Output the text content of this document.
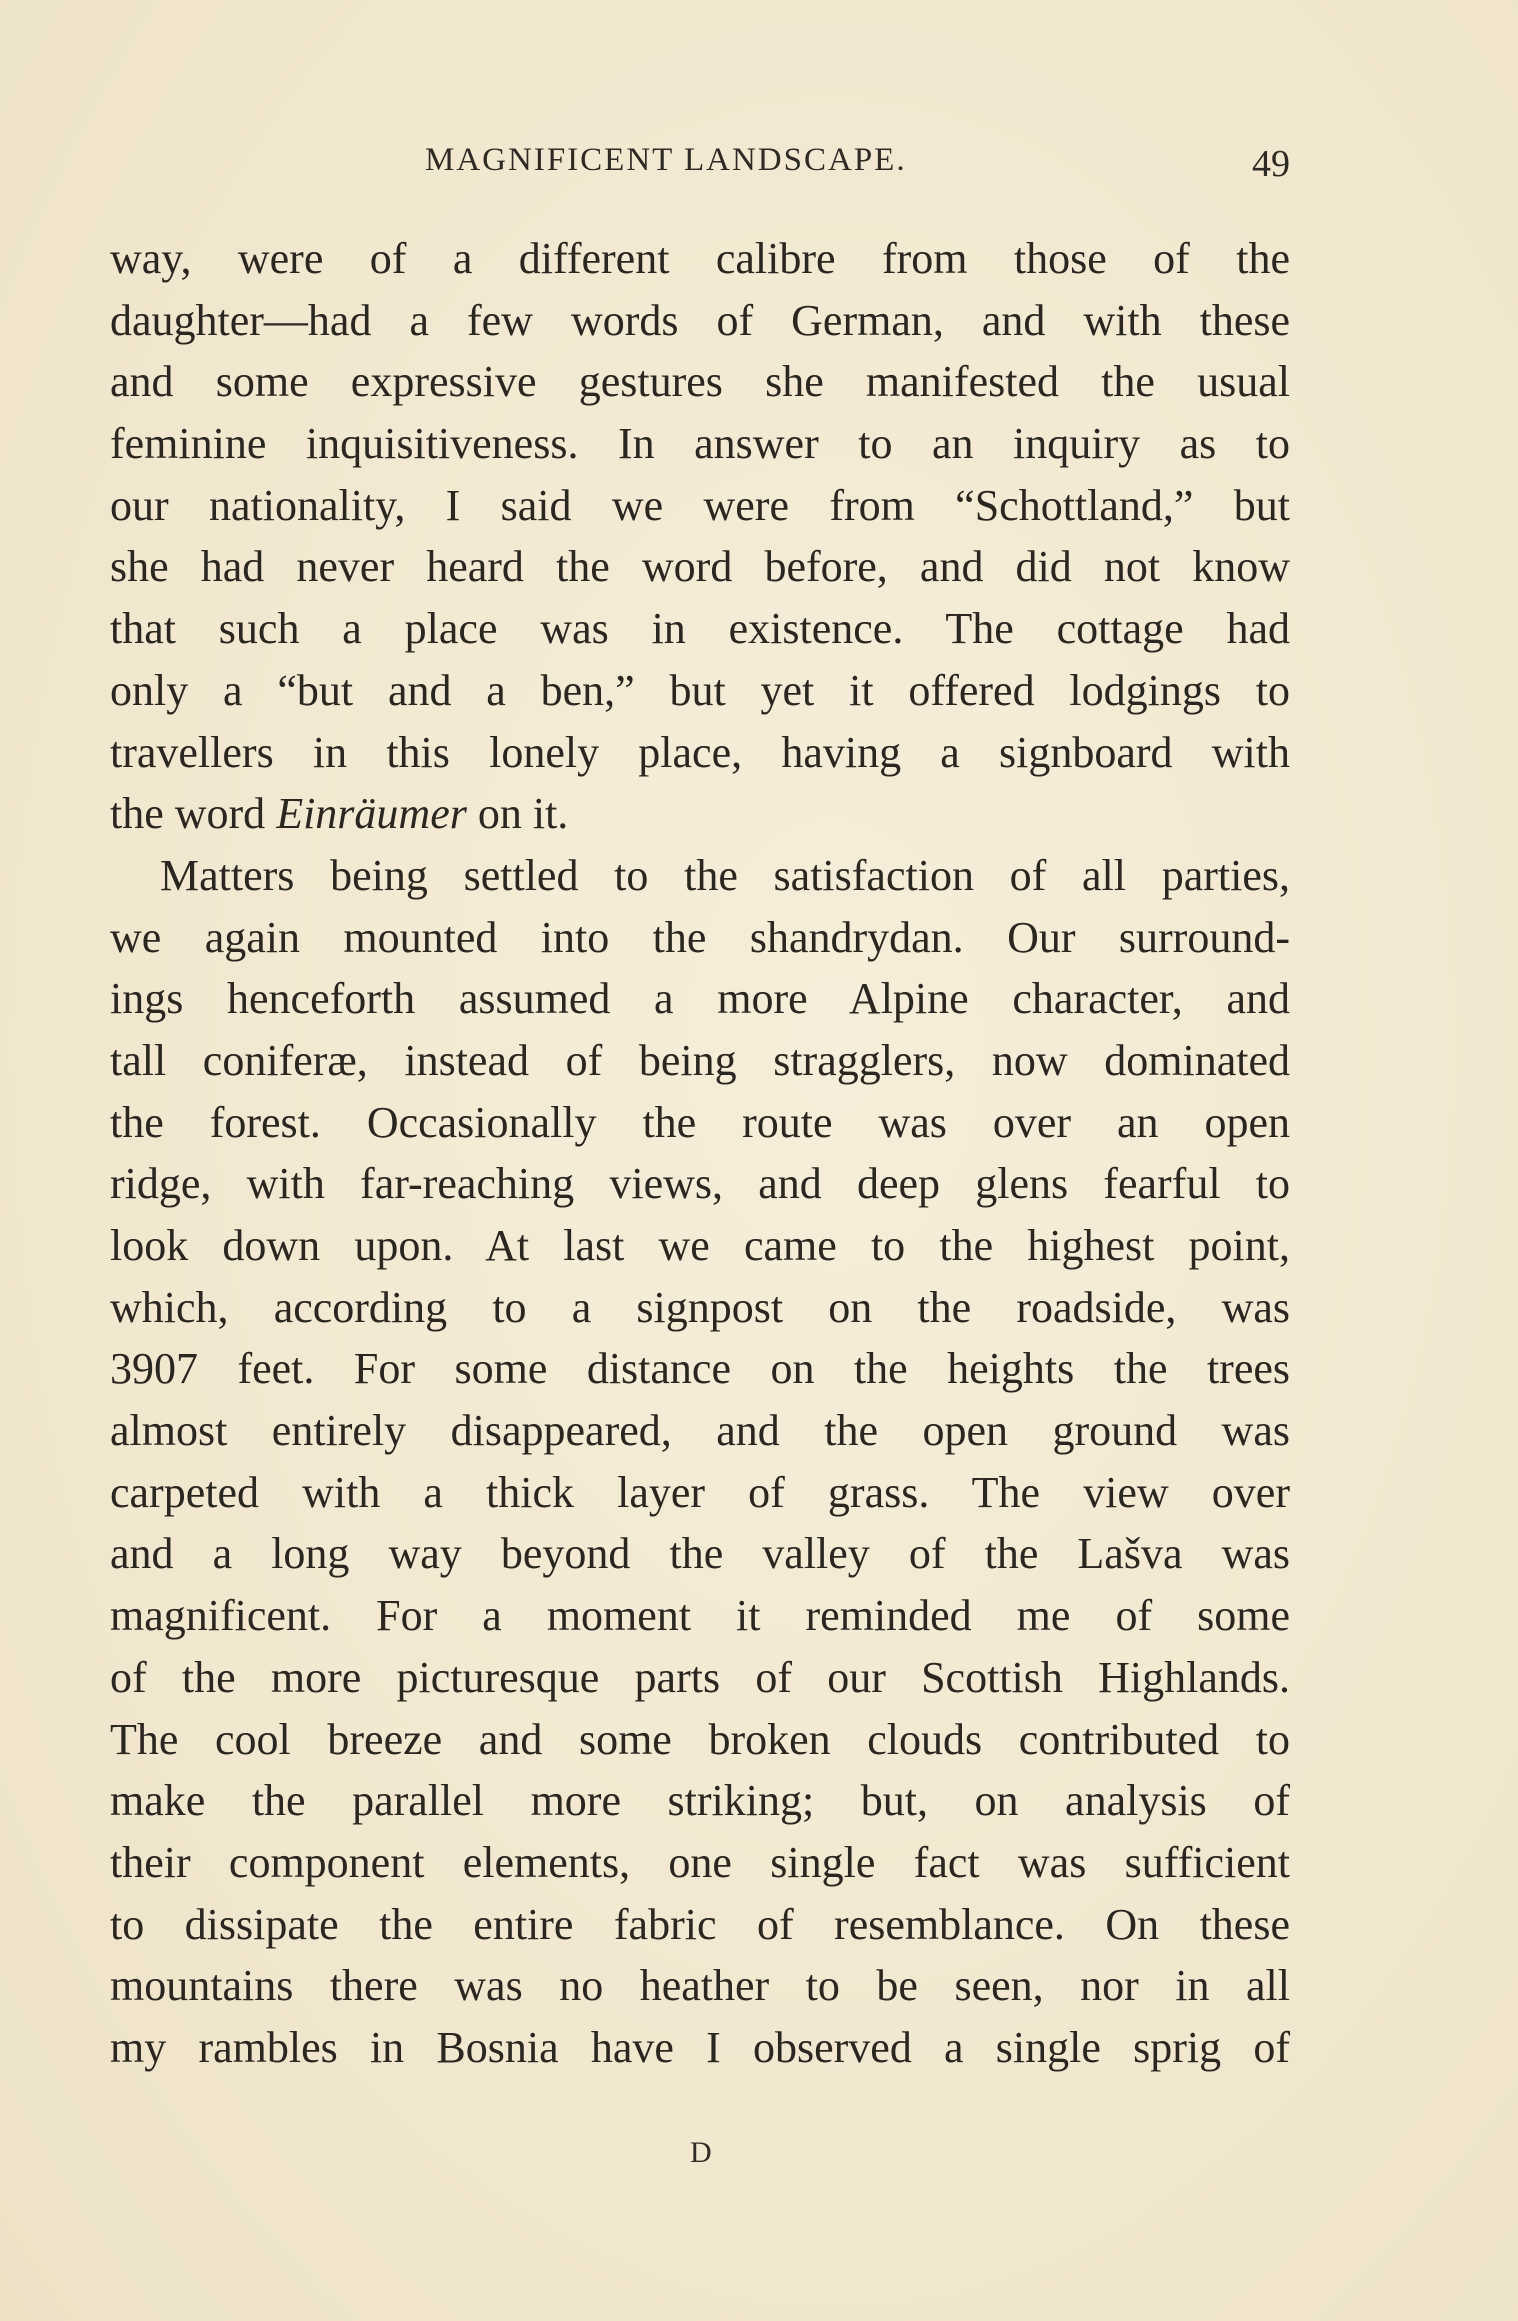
MAGNIFICENT LANDSCAPE.	49
way, were of a different calibre from those of the
daughter—had a few words of German, and with these
and some expressive gestures she manifested the usual
feminine inquisitiveness. In answer to an inquiry as to
our nationality, I said we were from “Schottland,” but
she had never heard the word before, and did not know
that such a place was in existence. The cottage had
only a “but and a ben,” but yet it offered lodgings to
travellers in this lonely place, having a signboard with
the word Einräumer on it.
Matters being settled to the satisfaction of all parties,
we again mounted into the shandrydan. Our surround-
ings henceforth assumed a more Alpine character, and
tall coniferæ, instead of being stragglers, now dominated
the forest. Occasionally the route was over an open
ridge, with far-reaching views, and deep glens fearful to
look down upon. At last we came to the highest point,
which, according to a signpost on the roadside, was
3907 feet. For some distance on the heights the trees
almost entirely disappeared, and the open ground was
carpeted with a thick layer of grass. The view over
and a long way beyond the valley of the Lašva was
magnificent. For a moment it reminded me of some
of the more picturesque parts of our Scottish Highlands.
The cool breeze and some broken clouds contributed to
make the parallel more striking; but, on analysis of
their component elements, one single fact was sufficient
to dissipate the entire fabric of resemblance. On these
mountains there was no heather to be seen, nor in all
my rambles in Bosnia have I observed a single sprig of
D
